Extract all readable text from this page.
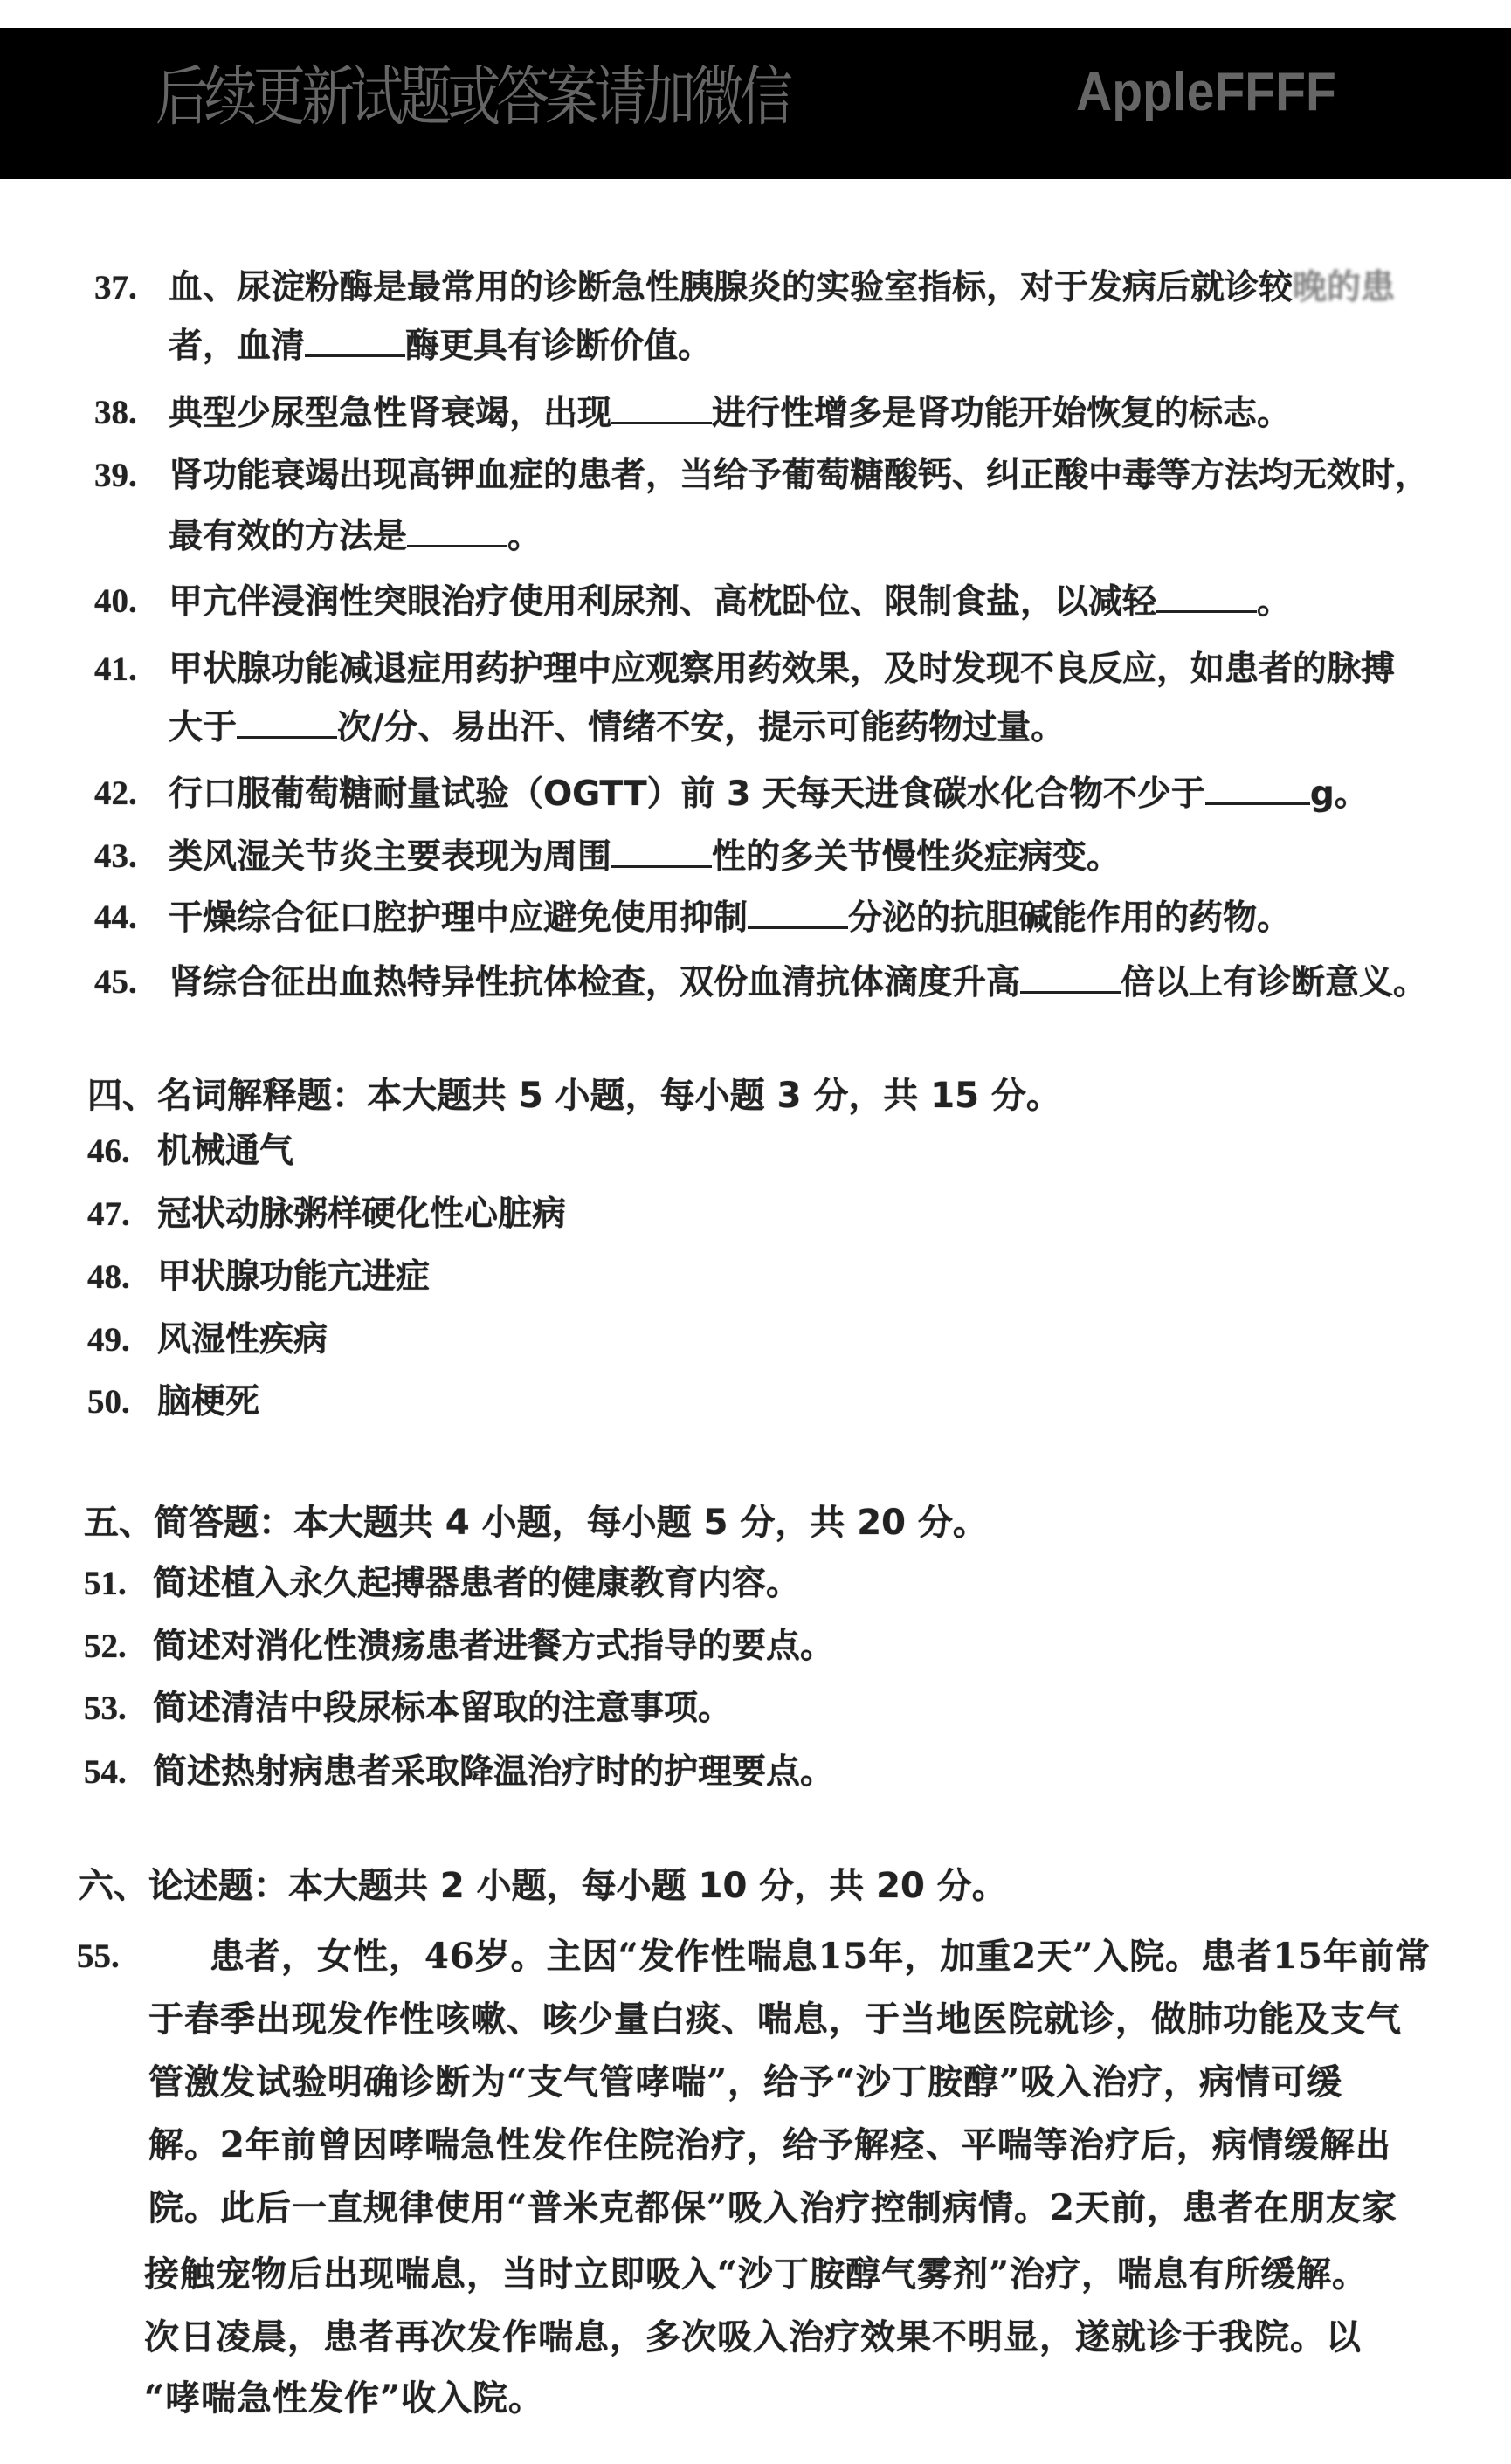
后续更新试题或答案请加微信	AppleFFFF
37. 血、尿淀粉酶是最常用的诊断急性胰腺炎的实验室指标，对于发病后就诊较晚的患
者，血清	酶更具有诊断价值。
38. 典型少尿型急性肾衰竭，出现	进行性增多是肾功能开始恢复的标志。
39. 肾功能衰竭出现高钾血症的患者，当给予葡萄糖酸钙、纠正酸中毒等方法均无效时，
最有效的方法是	。
40. 甲亢伴浸润性突眼治疗使用利尿剂、高枕卧位、限制食盐，以减轻	。
41. 甲状腺功能减退症用药护理中应观察用药效果，及时发现不良反应，如患者的脉搏
大于	次/分、易出汗、情绪不安，提示可能药物过量。
42. 行口服葡萄糖耐量试验（OGTT）前 3 天每天进食碳水化合物不少于	g。
43. 类风湿关节炎主要表现为周围	性的多关节慢性炎症病变。
44. 干燥综合征口腔护理中应避免使用抑制	分泌的抗胆碱能作用的药物。
45. 肾综合征出血热特异性抗体检查，双份血清抗体滴度升高	倍以上有诊断意义。
四、名词解释题：本大题共 5 小题，每小题 3 分，共 15 分。
46. 机械通气
47. 冠状动脉粥样硬化性心脏病
48. 甲状腺功能亢进症
49. 风湿性疾病
50. 脑梗死
五、简答题：本大题共 4 小题，每小题 5 分，共 20 分。
51. 简述植入永久起搏器患者的健康教育内容。
52. 简述对消化性溃疡患者进餐方式指导的要点。
53. 简述清洁中段尿标本留取的注意事项。
54. 简述热射病患者采取降温治疗时的护理要点。
六、论述题：本大题共 2 小题，每小题 10 分，共 20 分。
55.	患者，女性，46岁。主因“发作性喘息15年，加重2天”入院。患者15年前常
于春季出现发作性咳嗽、咳少量白痰、喘息，于当地医院就诊，做肺功能及支气
管激发试验明确诊断为“支气管哮喘”，给予“沙丁胺醇”吸入治疗，病情可缓
解。2年前曾因哮喘急性发作住院治疗，给予解痉、平喘等治疗后，病情缓解出
院。此后一直规律使用“普米克都保”吸入治疗控制病情。2天前，患者在朋友家
接触宠物后出现喘息，当时立即吸入“沙丁胺醇气雾剂”治疗，喘息有所缓解。
次日凌晨，患者再次发作喘息，多次吸入治疗效果不明显，遂就诊于我院。以
“哮喘急性发作”收入院。
